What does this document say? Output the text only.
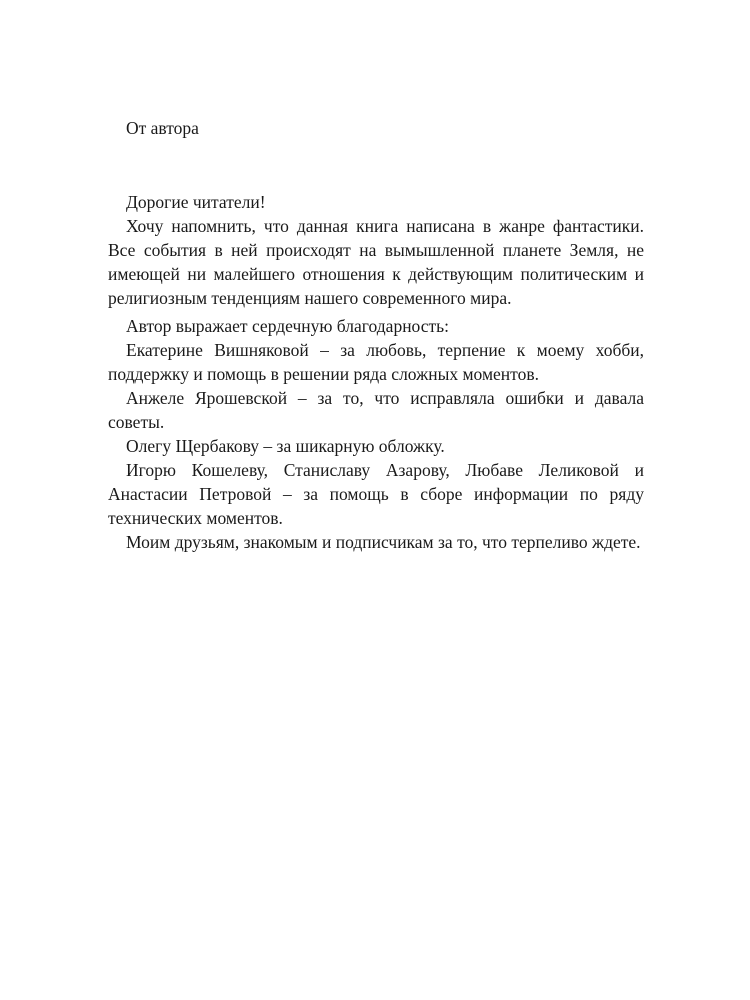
От автора

Дорогие читатели!

Хочу напомнить, что данная книга написана в жанре фантастики. Все события в ней происходят на вымышленной планете Земля, не имеющей ни малейшего отношения к действующим политическим и религиозным тенденциям нашего современного мира.

Автор выражает сердечную благодарность:

Екатерине Вишняковой – за любовь, терпение к моему хобби, поддержку и помощь в решении ряда сложных моментов.

Анжеле Ярошевской – за то, что исправляла ошибки и давала советы.

Олегу Щербакову – за шикарную обложку.

Игорю Кошелеву, Станиславу Азарову, Любаве Леликовой и Анастасии Петровой – за помощь в сборе информации по ряду технических моментов.

Моим друзьям, знакомым и подписчикам за то, что терпеливо ждете.
